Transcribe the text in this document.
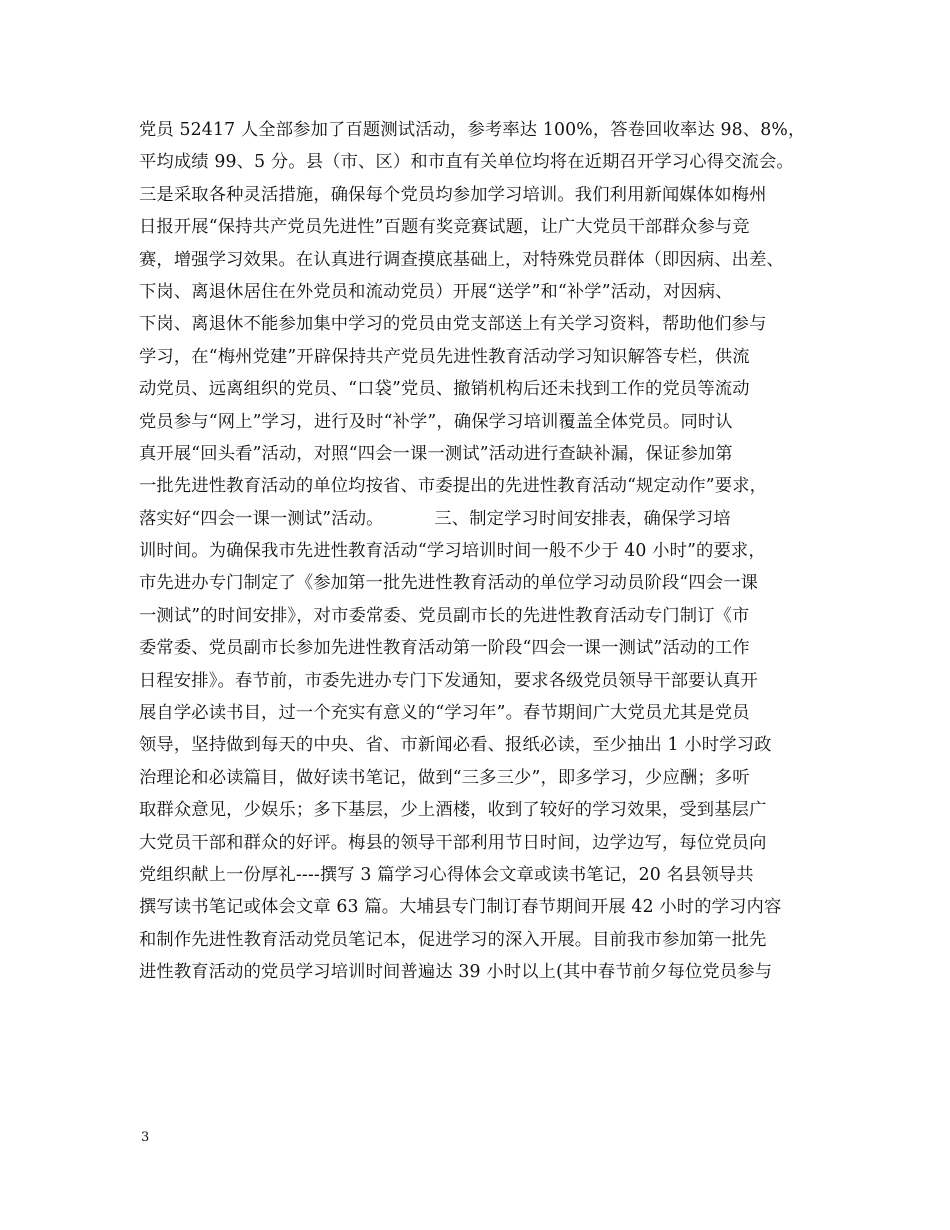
党员 52417 人全部参加了百题测试活动，参考率达 100%，答卷回收率达 98、8%，
平均成绩 99、5 分。县（市、区）和市直有关单位均将在近期召开学习心得交流会。
三是采取各种灵活措施，确保每个党员均参加学习培训。我们利用新闻媒体如梅州
日报开展“保持共产党员先进性”百题有奖竞赛试题，让广大党员干部群众参与竞
赛，增强学习效果。在认真进行调查摸底基础上，对特殊党员群体（即因病、出差、
下岗、离退休居住在外党员和流动党员）开展“送学”和“补学”活动，对因病、
下岗、离退休不能参加集中学习的党员由党支部送上有关学习资料，帮助他们参与
学习，在“梅州党建”开辟保持共产党员先进性教育活动学习知识解答专栏，供流
动党员、远离组织的党员、“口袋”党员、撤销机构后还未找到工作的党员等流动
党员参与“网上”学习，进行及时“补学”，确保学习培训覆盖全体党员。同时认
真开展“回头看”活动，对照“四会一课一测试”活动进行查缺补漏，保证参加第
一批先进性教育活动的单位均按省、市委提出的先进性教育活动“规定动作”要求，
落实好“四会一课一测试”活动。         三、制定学习时间安排表，确保学习培
训时间。为确保我市先进性教育活动“学习培训时间一般不少于 40 小时”的要求，
市先进办专门制定了《参加第一批先进性教育活动的单位学习动员阶段“四会一课
一测试”的时间安排》，对市委常委、党员副市长的先进性教育活动专门制订《市
委常委、党员副市长参加先进性教育活动第一阶段“四会一课一测试”活动的工作
日程安排》。春节前，市委先进办专门下发通知，要求各级党员领导干部要认真开
展自学必读书目，过一个充实有意义的“学习年”。春节期间广大党员尤其是党员
领导，坚持做到每天的中央、省、市新闻必看、报纸必读，至少抽出 1 小时学习政
治理论和必读篇目，做好读书笔记，做到“三多三少”，即多学习，少应酬；多听
取群众意见，少娱乐；多下基层，少上酒楼，收到了较好的学习效果，受到基层广
大党员干部和群众的好评。梅县的领导干部利用节日时间，边学边写，每位党员向
党组织献上一份厚礼----撰写 3 篇学习心得体会文章或读书笔记，20 名县领导共
撰写读书笔记或体会文章 63 篇。大埔县专门制订春节期间开展 42 小时的学习内容
和制作先进性教育活动党员笔记本，促进学习的深入开展。目前我市参加第一批先
进性教育活动的党员学习培训时间普遍达 39 小时以上(其中春节前夕每位党员参与
3
